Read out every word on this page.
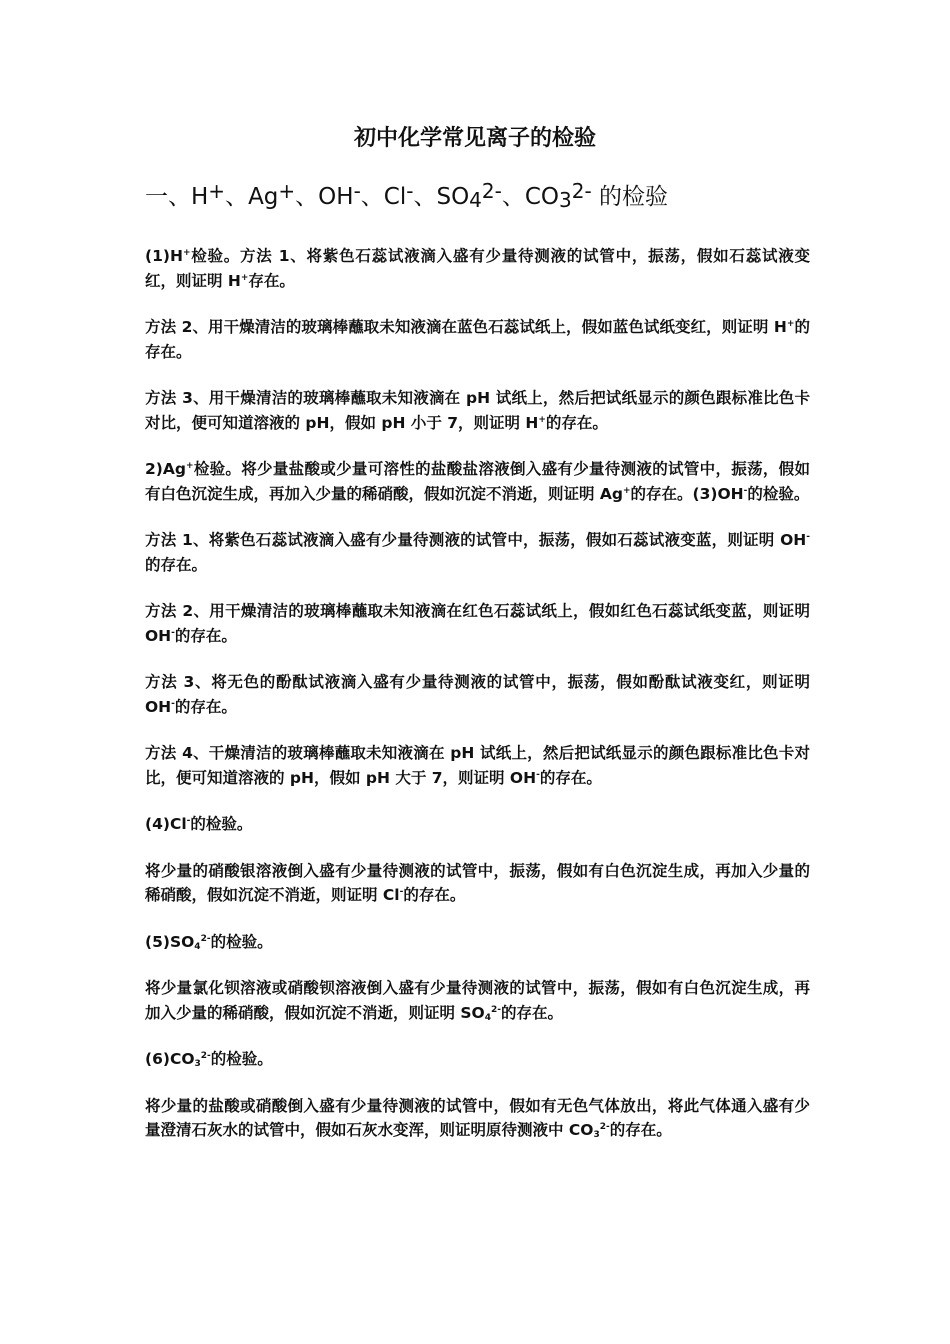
初中化学常见离子的检验
一、H+、Ag+、OH-、Cl-、$SO_4^{2-}$、$CO_3^{2-}$ 的检验

(1)H+检验。方法 1、将紫色石蕊试液滴入盛有少量待测液的试管中，振荡，假如石蕊试液变红，则证明 H+存在。

方法 2、用干燥清洁的玻璃棒蘸取未知液滴在蓝色石蕊试纸上，假如蓝色试纸变红，则证明 H+的存在。

方法 3、用干燥清洁的玻璃棒蘸取未知液滴在 pH 试纸上，然后把试纸显示的颜色跟标准比色卡对比，便可知道溶液的 pH，假如 pH 小于 7，则证明 H+的存在。

2)Ag+检验。将少量盐酸或少量可溶性的盐酸盐溶液倒入盛有少量待测液的试管中，振荡，假如有白色沉淀生成，再加入少量的稀硝酸，假如沉淀不消逝，则证明 Ag+的存在。(3)OH-的检验。

方法 1、将紫色石蕊试液滴入盛有少量待测液的试管中，振荡，假如石蕊试液变蓝，则证明 OH-的存在。

方法 2、用干燥清洁的玻璃棒蘸取未知液滴在红色石蕊试纸上，假如红色石蕊试纸变蓝，则证明 OH-的存在。

方法 3、将无色的酚酞试液滴入盛有少量待测液的试管中，振荡，假如酚酞试液变红，则证明 OH-的存在。

方法 4、干燥清洁的玻璃棒蘸取未知液滴在 pH 试纸上，然后把试纸显示的颜色跟标准比色卡对比，便可知道溶液的 pH，假如 pH 大于 7，则证明 OH-的存在。

(4)Cl-的检验。

将少量的硝酸银溶液倒入盛有少量待测液的试管中，振荡，假如有白色沉淀生成，再加入少量的稀硝酸，假如沉淀不消逝，则证明 Cl-的存在。

$(5)SO_4^{2-}$的检验。

将少量氯化钡溶液或硝酸钡溶液倒入盛有少量待测液的试管中，振荡，假如有白色沉淀生成，再加入少量的稀硝酸，假如沉淀不消逝，则证明 $SO_4^{2-}$的存在。

$(6)CO_3^{2-}$的检验。

将少量的盐酸或硝酸倒入盛有少量待测液的试管中，假如有无色气体放出，将此气体通入盛有少量澄清石灰水的试管中，假如石灰水变浑，则证明原待测液中 $CO_3^{2-}$的存在。
